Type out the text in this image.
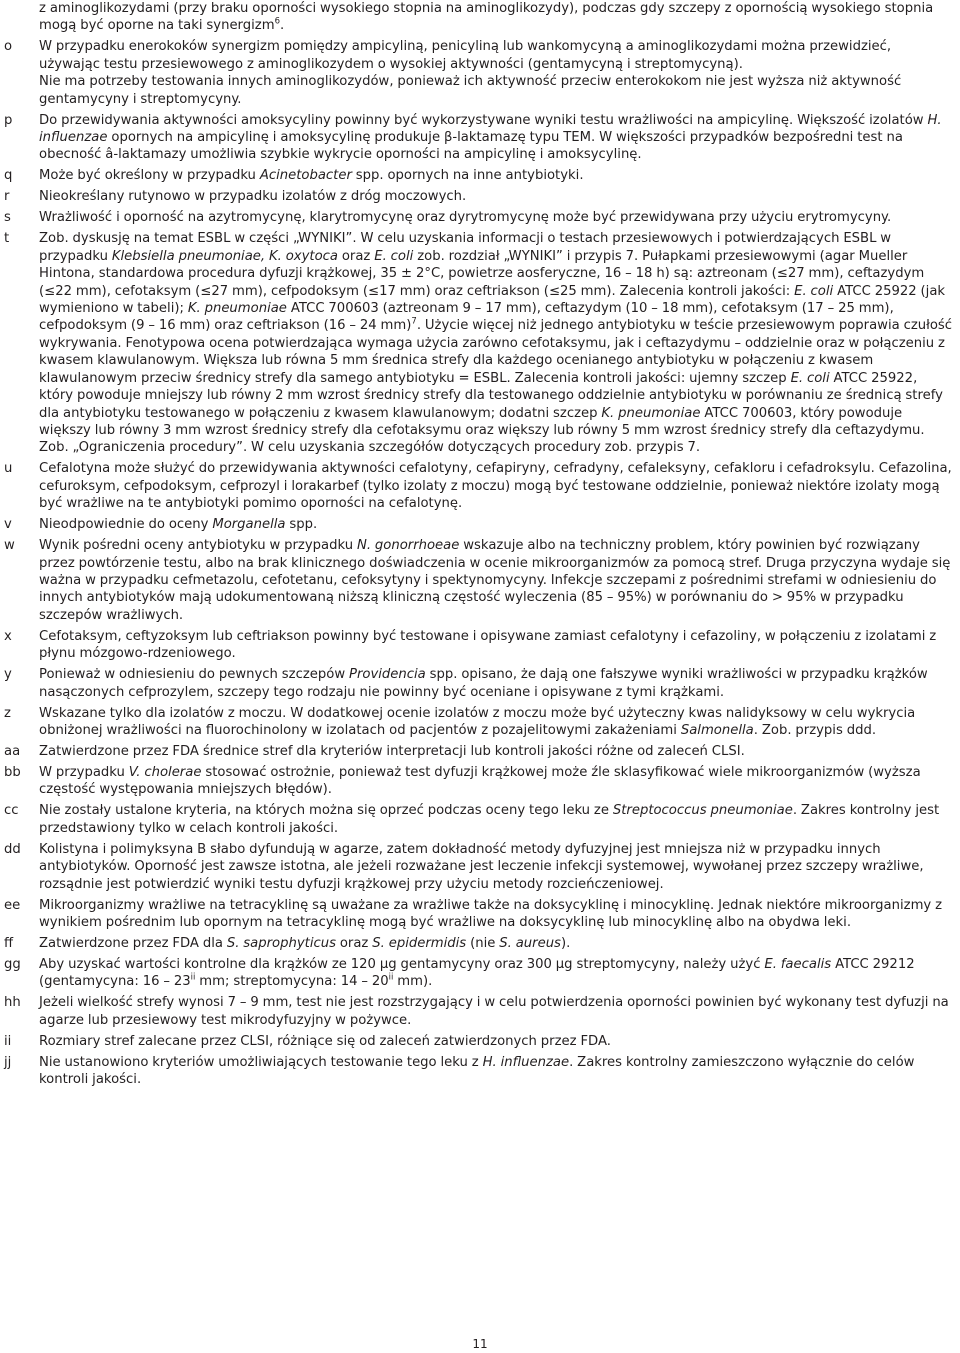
z aminoglikozydami (przy braku oporności wysokiego stopnia na aminoglikozydy), podczas gdy szczepy z opornością wysokiego stopnia mogą być oporne na taki synergizm$^6$.

o	W przypadku enerokoków synergizm pomiędzy ampicyliną, penicyliną lub wankomycyną a aminoglikozydami można przewidzieć, używając testu przesiewowego z aminoglikozydem o wysokiej aktywności (gentamycyną i streptomycyną).

Nie ma potrzeby testowania innych aminoglikozydów, ponieważ ich aktywność przeciw enterokokom nie jest wyższa niż aktywność gentamycyny i streptomycyny.

p	Do przewidywania aktywności amoksycyliny powinny być wykorzystywane wyniki testu wrażliwości na ampicylinę. Większość izolatów H. influenzae opornych na ampicylinę i amoksycylinę produkuje β-laktamazę typu TEM. W większości przypadków bezpośredni test na obecność â-laktamazy umożliwia szybkie wykrycie oporności na ampicylinę i amoksycylinę.

q	Może być określony w przypadku Acinetobacter spp. opornych na inne antybiotyki.

r	Nieokreślany rutynowo w przypadku izolatów z dróg moczowych.

s	Wrażliwość i oporność na azytromycynę, klarytromycynę oraz dyrytromycynę może być przewidywana przy użyciu erytromycyny.

t	Zob. dyskusję na temat ESBL w części „WYNIKI”. W celu uzyskania informacji o testach przesiewowych i potwierdzających ESBL w przypadku Klebsiella pneumoniae, K. oxytoca oraz E. coli zob. rozdział „WYNIKI” i przypis 7. Pułapkami przesiewowymi (agar Mueller Hintona, standardowa procedura dyfuzji krążkowej, 35 ± 2°C, powietrze aosferyczne, 16 – 18 h) są: aztreonam (≤27 mm), ceftazydym (≤22 mm), cefotaksym (≤27 mm), cefpodoksym (≤17 mm) oraz ceftriakson (≤25 mm). Zalecenia kontroli jakości: E. coli ATCC 25922 (jak wymieniono w tabeli); K. pneumoniae ATCC 700603 (aztreonam 9 – 17 mm), ceftazydym (10 – 18 mm), cefotaksym (17 – 25 mm), cefpodoksym (9 – 16 mm) oraz ceftriakson (16 – 24 mm)$^7$. Użycie więcej niż jednego antybiotyku w teście przesiewowym poprawia czułość wykrywania. Fenotypowa ocena potwierdzająca wymaga użycia zarówno cefotaksymu, jak i ceftazydymu – oddzielnie oraz w połączeniu z kwasem klawulanowym. Większa lub równa 5 mm średnica strefy dla każdego ocenianego antybiotyku w połączeniu z kwasem klawulanowym przeciw średnicy strefy dla samego antybiotyku = ESBL. Zalecenia kontroli jakości: ujemny szczep E. coli ATCC 25922, który powoduje mniejszy lub równy 2 mm wzrost średnicy strefy dla testowanego oddzielnie antybiotyku w porównaniu ze średnicą strefy dla antybiotyku testowanego w połączeniu z kwasem klawulanowym; dodatni szczep K. pneumoniae ATCC 700603, który powoduje większy lub równy 3 mm wzrost średnicy strefy dla cefotaksymu oraz większy lub równy 5 mm wzrost średnicy strefy dla ceftazydymu. Zob. „Ograniczenia procedury”. W celu uzyskania szczegółów dotyczących procedury zob. przypis 7.

u	Cefalotyna może służyć do przewidywania aktywności cefalotyny, cefapiryny, cefradyny, cefaleksyny, cefakloru i cefadroksylu. Cefazolina, cefuroksym, cefpodoksym, cefprozyl i lorakarbef (tylko izolaty z moczu) mogą być testowane oddzielnie, ponieważ niektóre izolaty mogą być wrażliwe na te antybiotyki pomimo oporności na cefalotynę.

v	Nieodpowiednie do oceny Morganella spp.

w	Wynik pośredni oceny antybiotyku w przypadku N. gonorrhoeae wskazuje albo na techniczny problem, który powinien być rozwiązany przez powtórzenie testu, albo na brak klinicznego doświadczenia w ocenie mikroorganizmów za pomocą stref. Druga przyczyna wydaje się ważna w przypadku cefmetazolu, cefotetanu, cefoksytyny i spektynomycyny. Infekcje szczepami z pośrednimi strefami w odniesieniu do innych antybiotyków mają udokumentowaną niższą kliniczną częstość wyleczenia (85 – 95%) w porównaniu do > 95% w przypadku szczepów wrażliwych.

x	Cefotaksym, ceftyzoksym lub ceftriakson powinny być testowane i opisywane zamiast cefalotyny i cefazoliny, w połączeniu z izolatami z płynu mózgowo-rdzeniowego.

y	Ponieważ w odniesieniu do pewnych szczepów Providencia spp. opisano, że dają one fałszywe wyniki wrażliwości w przypadku krążków nasączonych cefprozylem, szczepy tego rodzaju nie powinny być oceniane i opisywane z tymi krążkami.

z	Wskazane tylko dla izolatów z moczu. W dodatkowej ocenie izolatów z moczu może być użyteczny kwas nalidyksowy w celu wykrycia obniżonej wrażliwości na fluorochinolony w izolatach od pacjentów z pozajelitowymi zakażeniami Salmonella. Zob. przypis ddd.

aa	Zatwierdzone przez FDA średnice stref dla kryteriów interpretacji lub kontroli jakości różne od zaleceń CLSI.

bb	W przypadku V. cholerae stosować ostrożnie, ponieważ test dyfuzji krążkowej może źle sklasyfikować wiele mikroorganizmów (wyższa częstość występowania mniejszych błędów).

cc	Nie zostały ustalone kryteria, na których można się oprzeć podczas oceny tego leku ze Streptococcus pneumoniae. Zakres kontrolny jest przedstawiony tylko w celach kontroli jakości.

dd	Kolistyna i polimyksyna B słabo dyfundują w agarze, zatem dokładność metody dyfuzyjnej jest mniejsza niż w przypadku innych antybiotyków. Oporność jest zawsze istotna, ale jeżeli rozważane jest leczenie infekcji systemowej, wywołanej przez szczepy wrażliwe, rozsądnie jest potwierdzić wyniki testu dyfuzji krążkowej przy użyciu metody rozcieńczeniowej.

ee	Mikroorganizmy wrażliwe na tetracyklinę są uważane za wrażliwe także na doksycyklinę i minocyklinę. Jednak niektóre mikroorganizmy z wynikiem pośrednim lub opornym na tetracyklinę mogą być wrażliwe na doksycyklinę lub minocyklinę albo na obydwa leki.

ff	Zatwierdzone przez FDA dla S. saprophyticus oraz S. epidermidis (nie S. aureus).

gg	Aby uzyskać wartości kontrolne dla krążków ze 120 µg gentamycyny oraz 300 µg streptomycyny, należy użyć E. faecalis ATCC 29212 (gentamycyna: 16 – 23$^{ii}$ mm; streptomycyna: 14 – 20$^{ii}$ mm).

hh	Jeżeli wielkość strefy wynosi 7 – 9 mm, test nie jest rozstrzygający i w celu potwierdzenia oporności powinien być wykonany test dyfuzji na agarze lub przesiewowy test mikrodyfuzyjny w pożywce.

ii	Rozmiary stref zalecane przez CLSI, różniące się od zaleceń zatwierdzonych przez FDA.

jj	Nie ustanowiono kryteriów umożliwiających testowanie tego leku z H. influenzae. Zakres kontrolny zamieszczono wyłącznie do celów kontroli jakości.

11
